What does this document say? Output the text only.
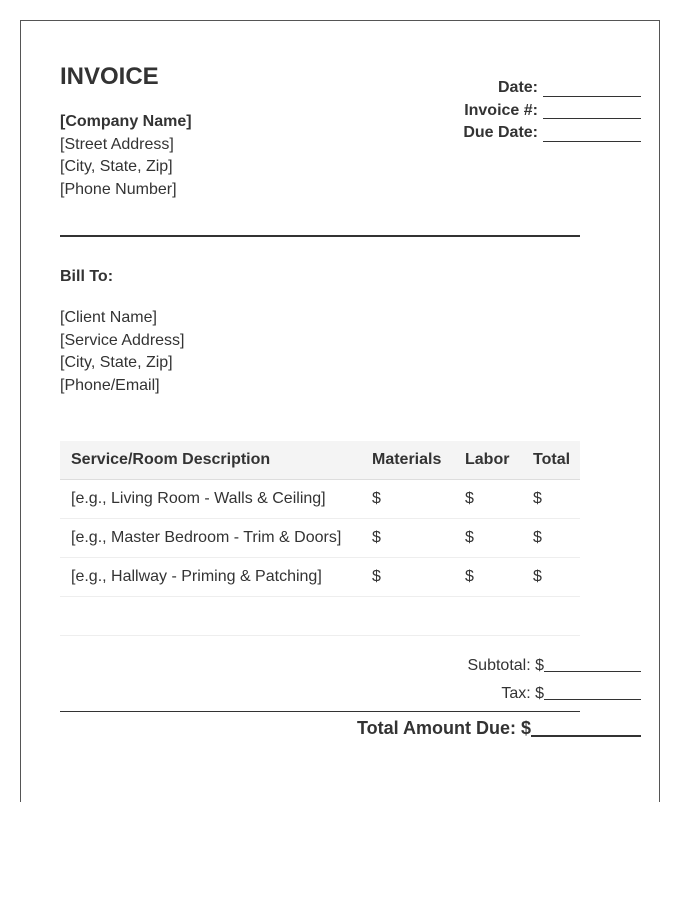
INVOICE
[Company Name]
[Street Address]
[City, State, Zip]
[Phone Number]
Date:
Invoice #:
Due Date:
Bill To:
[Client Name]
[Service Address]
[City, State, Zip]
[Phone/Email]
Service/Room Description	Materials	Labor	Total
[e.g., Living Room - Walls & Ceiling]	$	$	$
[e.g., Master Bedroom - Trim & Doors]	$	$	$
[e.g., Hallway - Priming & Patching]	$	$	$

Subtotal: $
Tax: $
Total Amount Due: $
